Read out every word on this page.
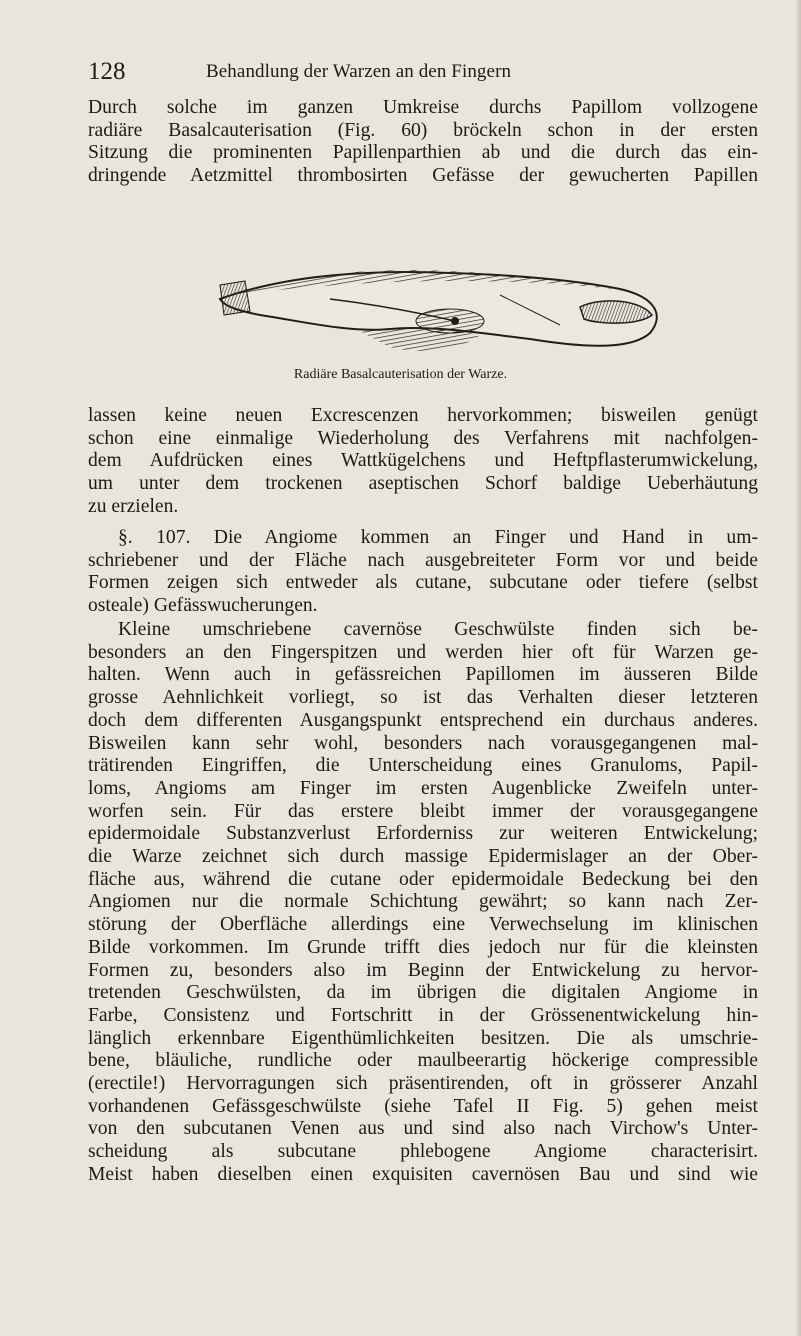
128	Behandlung der Warzen an den Fingern
Durch solche im ganzen Umkreise durchs Papillom vollzogene
radiäre Basalcauterisation (Fig. 60) bröckeln schon in der ersten
Sitzung die prominenten Papillenparthien ab und die durch das ein-
dringende Aetzmittel thrombosirten Gefässe der gewucherten Papillen
Radiäre Basalcauterisation der Warze.
lassen keine neuen Excrescenzen hervorkommen; bisweilen genügt
schon eine einmalige Wiederholung des Verfahrens mit nachfolgen-
dem Aufdrücken eines Wattkügelchens und Heftpflasterumwickelung,
um unter dem trockenen aseptischen Schorf baldige Ueberhäutung
zu erzielen.
§. 107. Die Angiome kommen an Finger und Hand in um-
schriebener und der Fläche nach ausgebreiteter Form vor und beide
Formen zeigen sich entweder als cutane, subcutane oder tiefere (selbst
osteale) Gefässwucherungen.
Kleine umschriebene cavernöse Geschwülste finden sich be-
besonders an den Fingerspitzen und werden hier oft für Warzen ge-
halten. Wenn auch in gefässreichen Papillomen im äusseren Bilde
grosse Aehnlichkeit vorliegt, so ist das Verhalten dieser letzteren
doch dem differenten Ausgangspunkt entsprechend ein durchaus anderes.
Bisweilen kann sehr wohl, besonders nach vorausgegangenen mal-
trätirenden Eingriffen, die Unterscheidung eines Granuloms, Papil-
loms, Angioms am Finger im ersten Augenblicke Zweifeln unter-
worfen sein. Für das erstere bleibt immer der vorausgegangene
epidermoidale Substanzverlust Erforderniss zur weiteren Entwickelung;
die Warze zeichnet sich durch massige Epidermislager an der Ober-
fläche aus, während die cutane oder epidermoidale Bedeckung bei den
Angiomen nur die normale Schichtung gewährt; so kann nach Zer-
störung der Oberfläche allerdings eine Verwechselung im klinischen
Bilde vorkommen. Im Grunde trifft dies jedoch nur für die kleinsten
Formen zu, besonders also im Beginn der Entwickelung zu hervor-
tretenden Geschwülsten, da im übrigen die digitalen Angiome in
Farbe, Consistenz und Fortschritt in der Grössenentwickelung hin-
länglich erkennbare Eigenthümlichkeiten besitzen. Die als umschrie-
bene, bläuliche, rundliche oder maulbeerartig höckerige compressible
(erectile!) Hervorragungen sich präsentirenden, oft in grösserer Anzahl
vorhandenen Gefässgeschwülste (siehe Tafel II Fig. 5) gehen meist
von den subcutanen Venen aus und sind also nach Virchow's Unter-
scheidung als subcutane phlebogene Angiome characterisirt.
Meist haben dieselben einen exquisiten cavernösen Bau und sind wie
